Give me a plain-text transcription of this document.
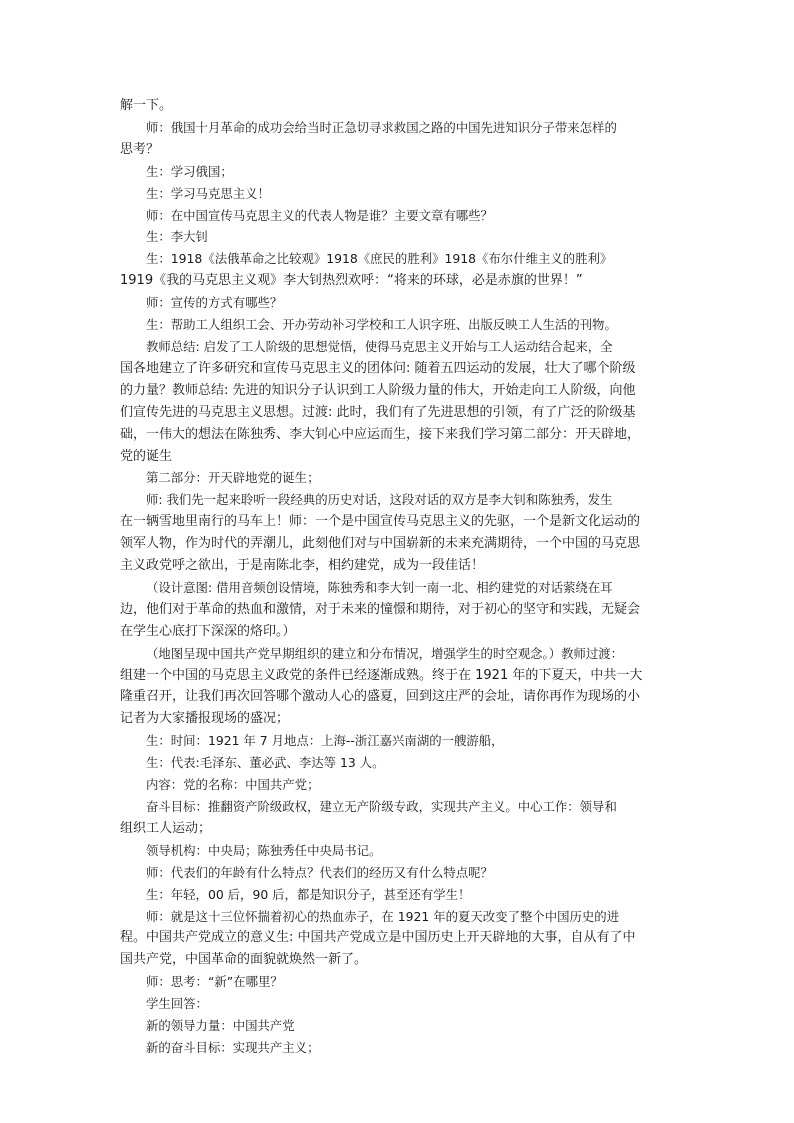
解一下。
师：俄国十月革命的成功会给当时正急切寻求救国之路的中国先进知识分子带来怎样的
思考？
生：学习俄国；
生：学习马克思主义！
师：在中国宣传马克思主义的代表人物是谁？主要文章有哪些？
生：李大钊
生：1918《法俄革命之比较观》1918《庶民的胜利》1918《布尔什维主义的胜利》
1919《我的马克思主义观》李大钊热烈欢呼：“将来的环球，必是赤旗的世界！”
师：宣传的方式有哪些？
生：帮助工人组织工会、开办劳动补习学校和工人识字班、出版反映工人生活的刊物。
教师总结: 启发了工人阶级的思想觉悟，使得马克思主义开始与工人运动结合起来，全
国各地建立了许多研究和宣传马克思主义的团体问: 随着五四运动的发展，壮大了哪个阶级
的力量？教师总结: 先进的知识分子认识到工人阶级力量的伟大，开始走向工人阶级，向他
们宣传先进的马克思主义思想。过渡: 此时，我们有了先进思想的引领，有了广泛的阶级基
础，一伟大的想法在陈独秀、李大钊心中应运而生，接下来我们学习第二部分：开天辟地，
党的诞生
第二部分：开天辟地党的诞生；
师: 我们先一起来聆听一段经典的历史对话，这段对话的双方是李大钊和陈独秀，发生
在一辆雪地里南行的马车上！师：一个是中国宣传马克思主义的先驱，一个是新文化运动的
领军人物，作为时代的弄潮儿，此刻他们对与中国崭新的未来充满期待，一个中国的马克思
主义政党呼之欲出，于是南陈北李，相约建党，成为一段佳话！
（设计意图: 借用音频创设情境，陈独秀和李大钊一南一北、相约建党的对话萦绕在耳
边，他们对于革命的热血和激情，对于未来的憧憬和期待，对于初心的坚守和实践，无疑会
在学生心底打下深深的烙印。）
（地图呈现中国共产党早期组织的建立和分布情况，增强学生的时空观念。）教师过渡：
组建一个中国的马克思主义政党的条件已经逐渐成熟。终于在 1921 年的下夏天，中共一大
隆重召开，让我们再次回答哪个激动人心的盛夏，回到这庄严的会址，请你再作为现场的小
记者为大家播报现场的盛况；
生：时间：1921 年 7 月地点：上海--浙江嘉兴南湖的一艘游船，
生：代表:毛泽东、董必武、李达等 13 人。
内容：党的名称：中国共产党；
奋斗目标：推翻资产阶级政权，建立无产阶级专政，实现共产主义。中心工作：领导和
组织工人运动；
领导机构：中央局；陈独秀任中央局书记。
师：代表们的年龄有什么特点？代表们的经历又有什么特点呢？
生：年轻，00 后，90 后，都是知识分子，甚至还有学生！
师：就是这十三位怀揣着初心的热血赤子，在 1921 年的夏天改变了整个中国历史的进
程。中国共产党成立的意义生: 中国共产党成立是中国历史上开天辟地的大事，自从有了中
国共产党，中国革命的面貌就焕然一新了。
师：思考：“新”在哪里？
学生回答：
新的领导力量：中国共产党
新的奋斗目标：实现共产主义；
